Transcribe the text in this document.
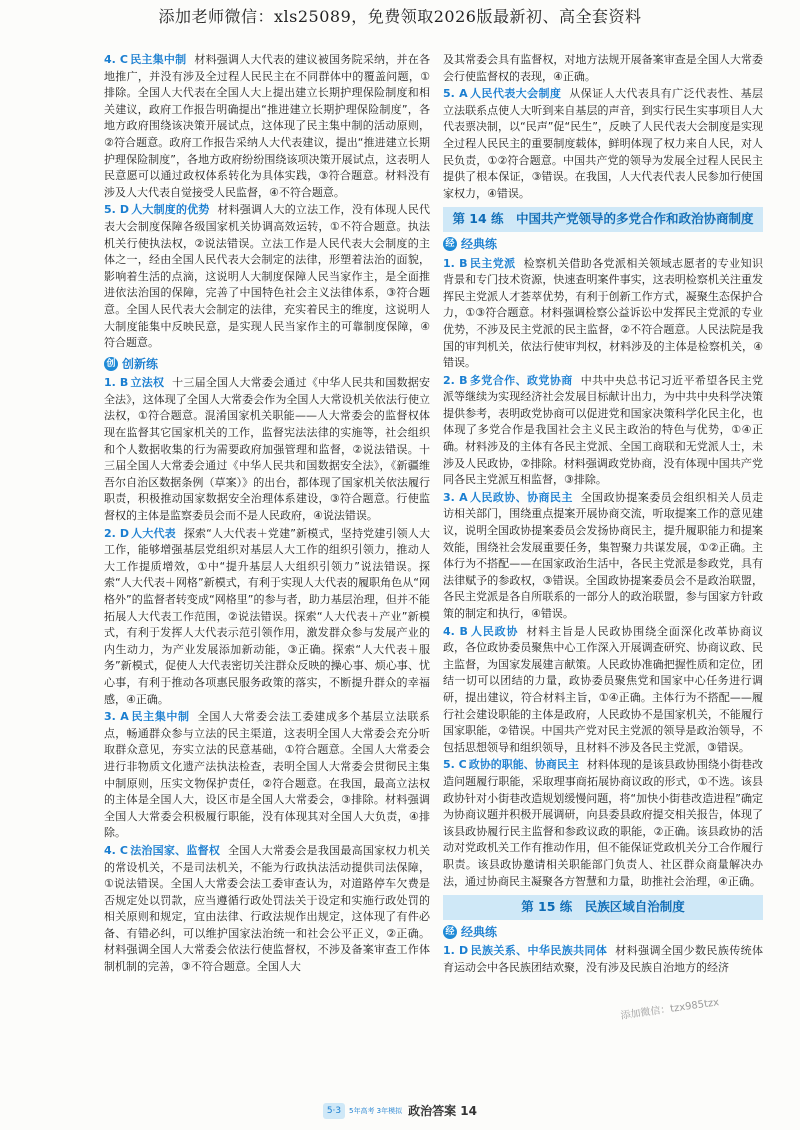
添加老师微信：xls25089，免费领取2026版最新初、高全套资料

4. C 民主集中制 材料强调人大代表的建议被国务院采纳，并在各地推广，并没有涉及全过程人民民主在不同群体中的覆盖问题，①排除。全国人大代表在全国人大上提出建立长期护理保险制度和相关建议，政府工作报告明确提出“推进建立长期护理保险制度”，各地方政府围绕该决策开展试点，这体现了民主集中制的活动原则，②符合题意。政府工作报告采纳人大代表建议，提出“推进建立长期护理保险制度”，各地方政府纷纷围绕该项决策开展试点，这表明人民意愿可以通过政权体系转化为具体实践，③符合题意。材料没有涉及人大代表自觉接受人民监督，④不符合题意。

5. D 人大制度的优势 材料强调人大的立法工作，没有体现人民代表大会制度保障各级国家机关协调高效运转，①不符合题意。执法机关行使执法权，②说法错误。立法工作是人民代表大会制度的主体之一，经由全国人民代表大会制定的法律，形塑着法治的面貌，影响着生活的点滴，这说明人大制度保障人民当家作主，是全面推进依法治国的保障，完善了中国特色社会主义法律体系，③符合题意。全国人民代表大会制定的法律，充实着民主的维度，这说明人大制度能集中反映民意，是实现人民当家作主的可靠制度保障，④符合题意。

创 创新练

1. B 立法权 十三届全国人大常委会通过《中华人民共和国数据安全法》，这体现了全国人大常委会作为全国人大常设机关依法行使立法权，①符合题意。混淆国家机关职能——人大常委会的监督权体现在监督其它国家机关的工作，监督宪法法律的实施等，社会组织和个人数据收集的行为需要政府加强管理和监督，②说法错误。十三届全国人大常委会通过《中华人民共和国数据安全法》，《新疆维吾尔自治区数据条例（草案）》的出台，都体现了国家机关依法履行职责，积极推动国家数据安全治理体系建设，③符合题意。行使监督权的主体是监察委员会而不是人民政府，④说法错误。

2. D 人大代表 探索“人大代表＋党建”新模式，坚持党建引领人大工作，能够增强基层党组织对基层人大工作的组织引领力，推动人大工作提质增效，①中“提升基层人大组织引领力”说法错误。探索“人大代表＋网格”新模式，有利于实现人大代表的履职角色从“网格外”的监督者转变成“网格里”的参与者，助力基层治理，但并不能拓展人大代表工作范围，②说法错误。探索“人大代表＋产业”新模式，有利于发挥人大代表示范引领作用，激发群众参与发展产业的内生动力，为产业发展添加新动能，③正确。探索“人大代表＋服务”新模式，促使人大代表密切关注群众反映的操心事、烦心事、忧心事，有利于推动各项惠民服务政策的落实，不断提升群众的幸福感，④正确。

3. A 民主集中制 全国人大常委会法工委建成多个基层立法联系点，畅通群众参与立法的民主渠道，这表明全国人大常委会充分听取群众意见，夯实立法的民意基础，①符合题意。全国人大常委会进行非物质文化遗产法执法检查，表明全国人大常委会贯彻民主集中制原则，压实文物保护责任，②符合题意。在我国，最高立法权的主体是全国人大，设区市是全国人大常委会，③排除。材料强调全国人大常委会积极履行职能，没有体现其对全国人大负责，④排除。

4. C 法治国家、监督权 全国人大常委会是我国最高国家权力机关的常设机关，不是司法机关，不能为行政执法活动提供司法保障，①说法错误。全国人大常委会法工委审查认为，对道路停车欠费是否规定处以罚款，应当遵循行政处罚法关于设定和实施行政处罚的相关原则和规定，宜由法律、行政法规作出规定，这体现了有件必备、有错必纠，可以维护国家法治统一和社会公平正义，②正确。材料强调全国人大常委会依法行使监督权，不涉及备案审查工作体制机制的完善，③不符合题意。全国人大

及其常委会具有监督权，对地方法规开展备案审查是全国人大常委会行使监督权的表现，④正确。

5. A 人民代表大会制度 从保证人大代表具有广泛代表性、基层立法联系点使人大听到来自基层的声音，到实行民生实事项目人大代表票决制，以“民声”促“民生”，反映了人民代表大会制度是实现全过程人民民主的重要制度载体，鲜明体现了权力来自人民，对人民负责，①②符合题意。中国共产党的领导为发展全过程人民民主提供了根本保证，③错误。在我国，人大代表代表人民参加行使国家权力，④错误。

第 14 练　中国共产党领导的多党合作和政治协商制度
经 经典练

1. B 民主党派 检察机关借助各党派相关领域志愿者的专业知识背景和专门技术资源，快速查明案件事实，这表明检察机关注重发挥民主党派人才荟萃优势，有利于创新工作方式，凝聚生态保护合力，①③符合题意。材料强调检察公益诉讼中发挥民主党派的专业优势，不涉及民主党派的民主监督，②不符合题意。人民法院是我国的审判机关，依法行使审判权，材料涉及的主体是检察机关，④错误。

2. B 多党合作、政党协商 中共中央总书记习近平希望各民主党派等继续为实现经济社会发展目标献计出力，为中共中央科学决策提供参考，表明政党协商可以促进党和国家决策科学化民主化，也体现了多党合作是我国社会主义民主政治的特色与优势，①④正确。材料涉及的主体有各民主党派、全国工商联和无党派人士，未涉及人民政协，②排除。材料强调政党协商，没有体现中国共产党同各民主党派互相监督，③排除。

3. A 人民政协、协商民主 全国政协提案委员会组织相关人员走访相关部门，围绕重点提案开展协商交流，听取提案工作的意见建议，说明全国政协提案委员会发扬协商民主，提升履职能力和提案效能，围绕社会发展重要任务，集智聚力共谋发展，①②正确。主体行为不搭配——在国家政治生活中，各民主党派是参政党，具有法律赋予的参政权，③错误。全国政协提案委员会不是政治联盟，各民主党派是各自所联系的一部分人的政治联盟，参与国家方针政策的制定和执行，④错误。

4. B 人民政协 材料主旨是人民政协围绕全面深化改革协商议政，各位政协委员聚焦中心工作深入开展调查研究、协商议政、民主监督，为国家发展建言献策。人民政协准确把握性质和定位，团结一切可以团结的力量，政协委员聚焦党和国家中心任务进行调研，提出建议，符合材料主旨，①④正确。主体行为不搭配——履行社会建设职能的主体是政府，人民政协不是国家机关，不能履行国家职能，②错误。中国共产党对民主党派的领导是政治领导，不包括思想领导和组织领导，且材料不涉及各民主党派，③错误。

5. C 政协的职能、协商民主 材料体现的是该县政协围绕小街巷改造问题履行职能，采取理事商拓展协商议政的形式，①不选。该县政协针对小街巷改造规划缓慢问题，将“加快小街巷改造进程”确定为协商议题并积极开展调研，向县委县政府提交相关报告，体现了该县政协履行民主监督和参政议政的职能，②正确。该县政协的活动对党政机关工作有推动作用，但不能保证党政机关分工合作履行职责。该县政协邀请相关职能部门负责人、社区群众商量解决办法，通过协商民主凝聚各方智慧和力量，助推社会治理，④正确。

第 15 练　民族区域自治制度
经 经典练

1. D 民族关系、中华民族共同体 材料强调全国少数民族传统体育运动会中各民族团结欢聚，没有涉及民族自治地方的经济

5·3	5年高考 3年模拟 政治答案 14
添加微信：tzx985tzx
